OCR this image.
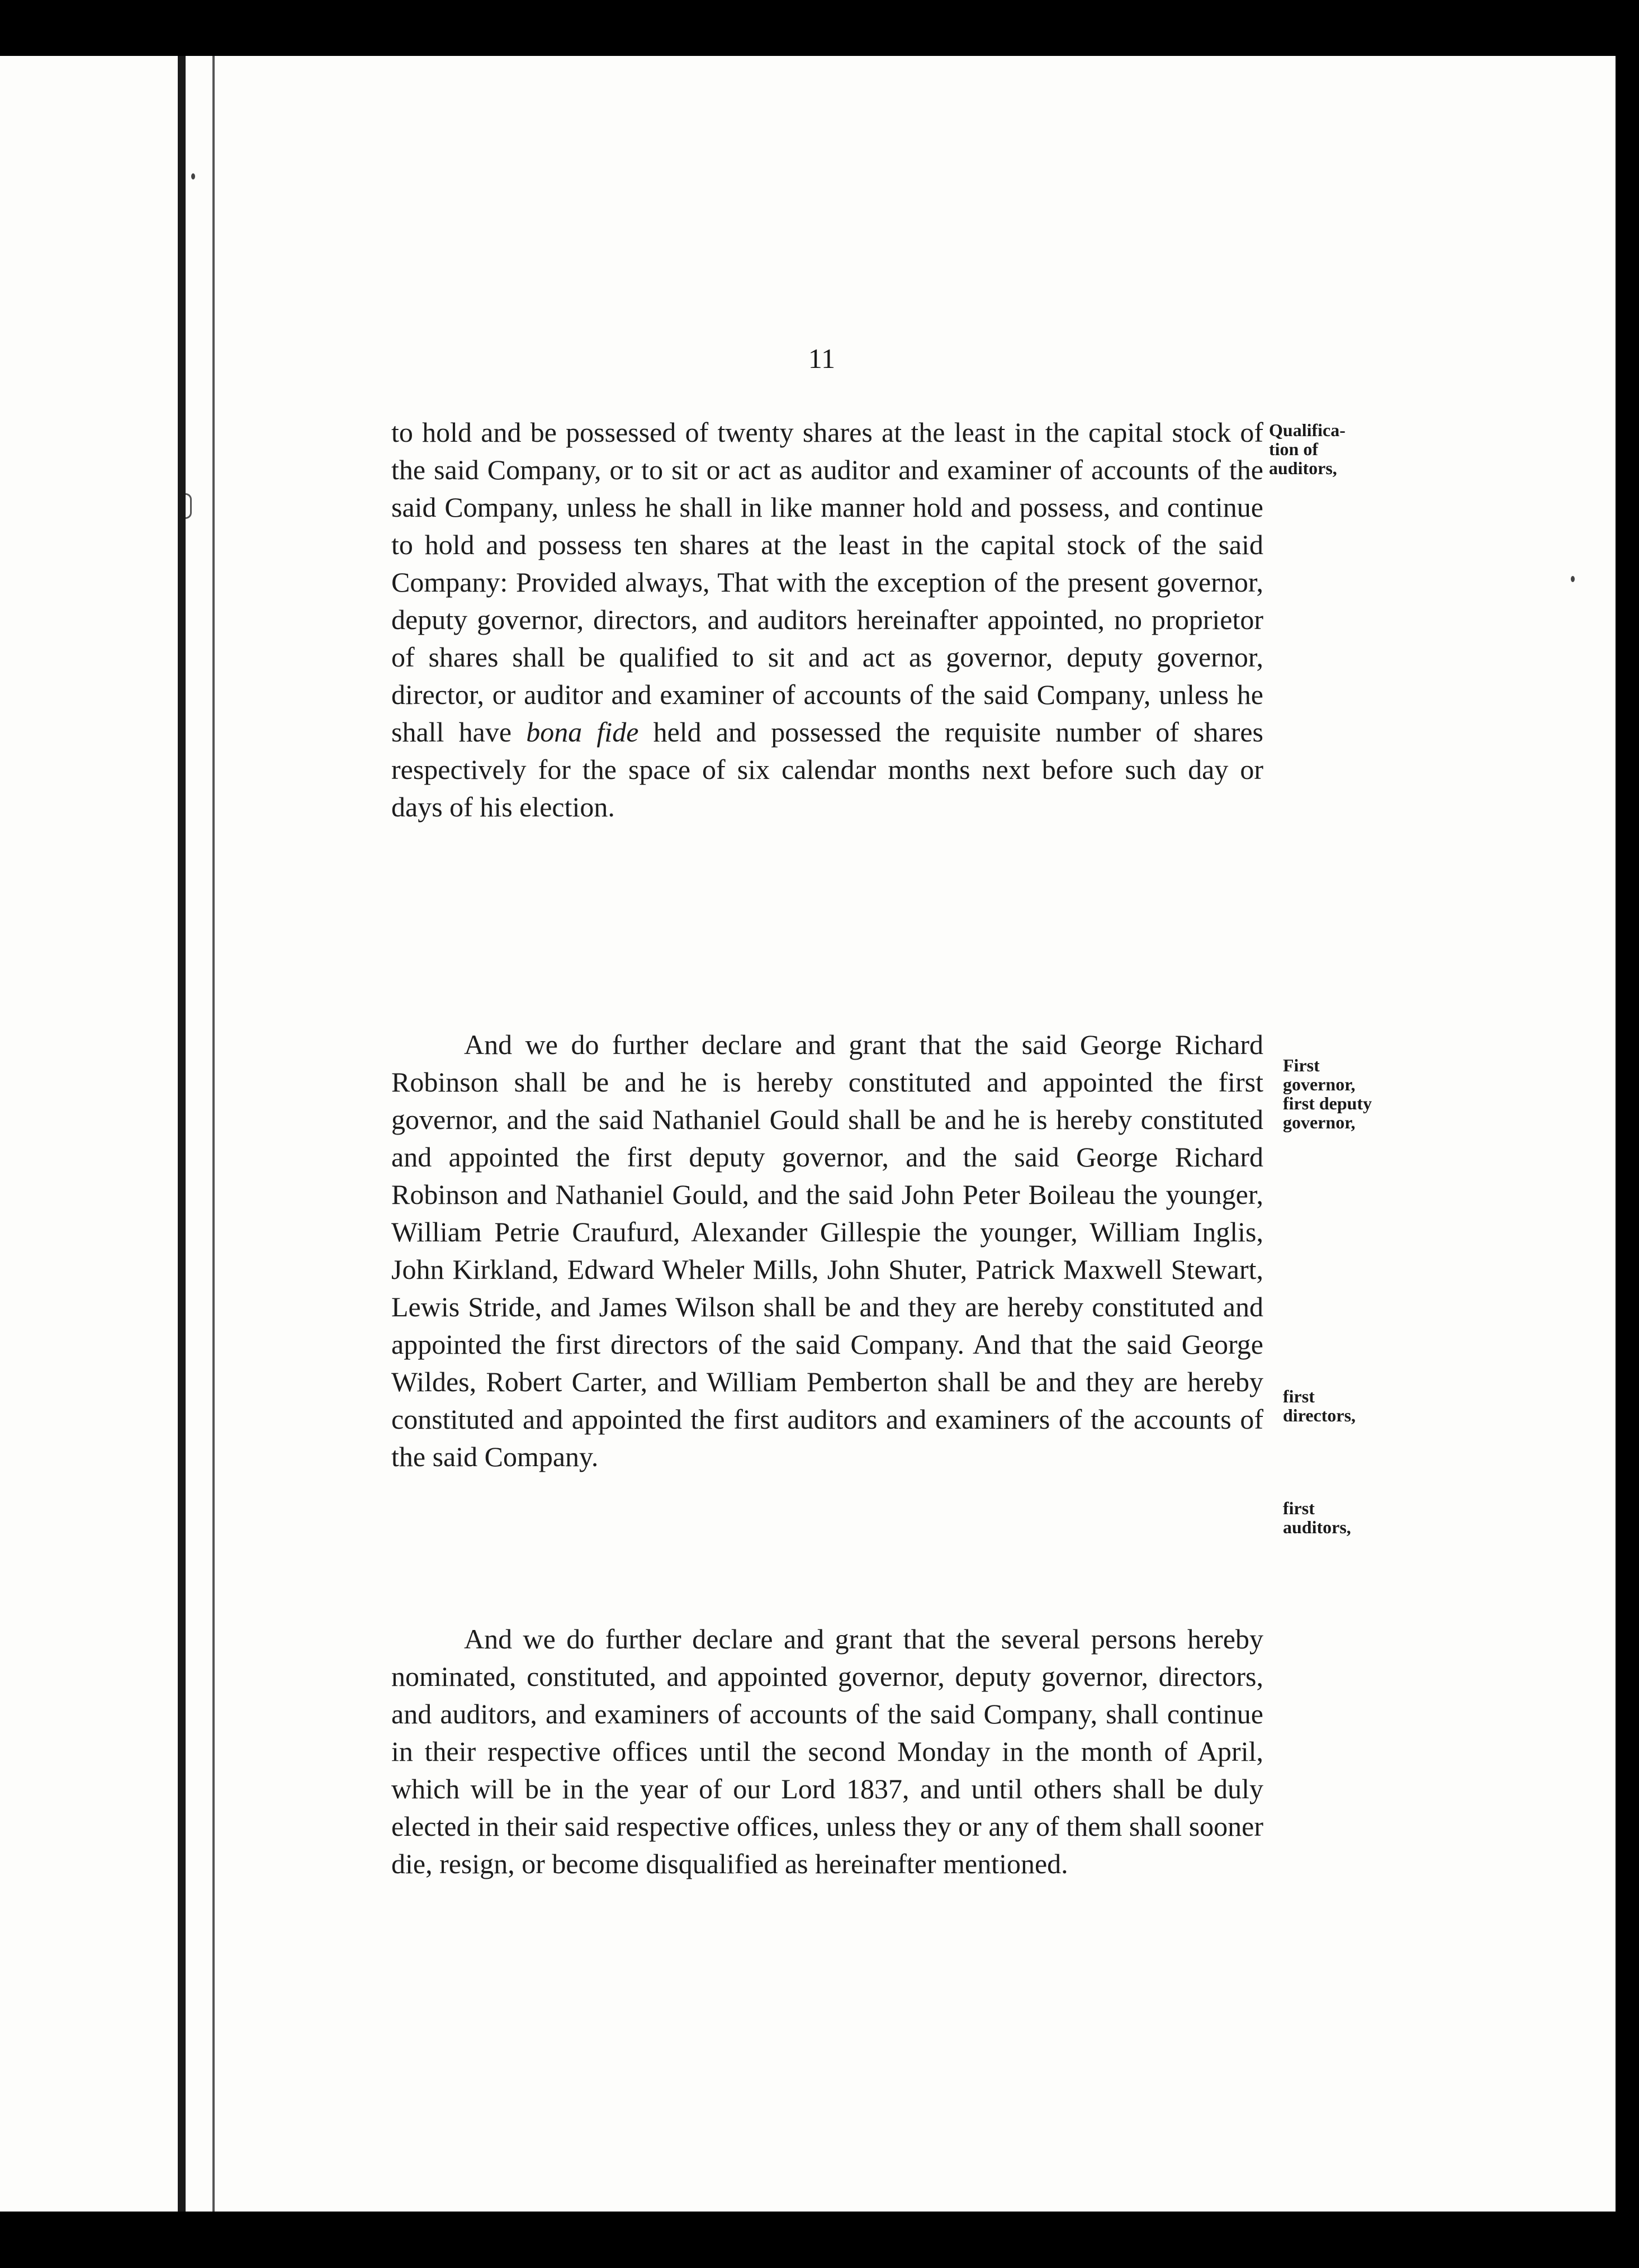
11

to hold and be possessed of twenty shares at the least in the capital stock of the said Company, or to sit or act as auditor and examiner of accounts of the said Company, unless he shall in like manner hold and possess, and continue to hold and possess ten shares at the least in the capital stock of the said Company: Provided always, That with the exception of the present governor, deputy governor, directors, and auditors hereinafter appointed, no proprietor of shares shall be qualified to sit and act as governor, deputy governor, director, or auditor and examiner of accounts of the said Company, unless he shall have bona fide held and possessed the requisite number of shares respectively for the space of six calendar months next before such day or days of his election.

Qualifica-
tion of
auditors,

And we do further declare and grant that the said George Richard Robinson shall be and he is hereby constituted and appointed the first governor, and the said Nathaniel Gould shall be and he is hereby constituted and appointed the first deputy governor, and the said George Richard Robinson and Nathaniel Gould, and the said John Peter Boileau the younger, William Petrie Craufurd, Alexander Gillespie the younger, William Inglis, John Kirkland, Edward Wheler Mills, John Shuter, Patrick Maxwell Stewart, Lewis Stride, and James Wilson shall be and they are hereby constituted and appointed the first directors of the said Company. And that the said George Wildes, Robert Carter, and William Pemberton shall be and they are hereby constituted and appointed the first auditors and examiners of the accounts of the said Company.

First
governor,
first deputy
governor,
first
directors,
first
auditors,

And we do further declare and grant that the several persons hereby nominated, constituted, and appointed governor, deputy governor, directors, and auditors, and examiners of accounts of the said Company, shall continue in their respective offices until the second Monday in the month of April, which will be in the year of our Lord 1837, and until others shall be duly elected in their said respective offices, unless they or any of them shall sooner die, resign, or become disqualified as hereinafter mentioned.
